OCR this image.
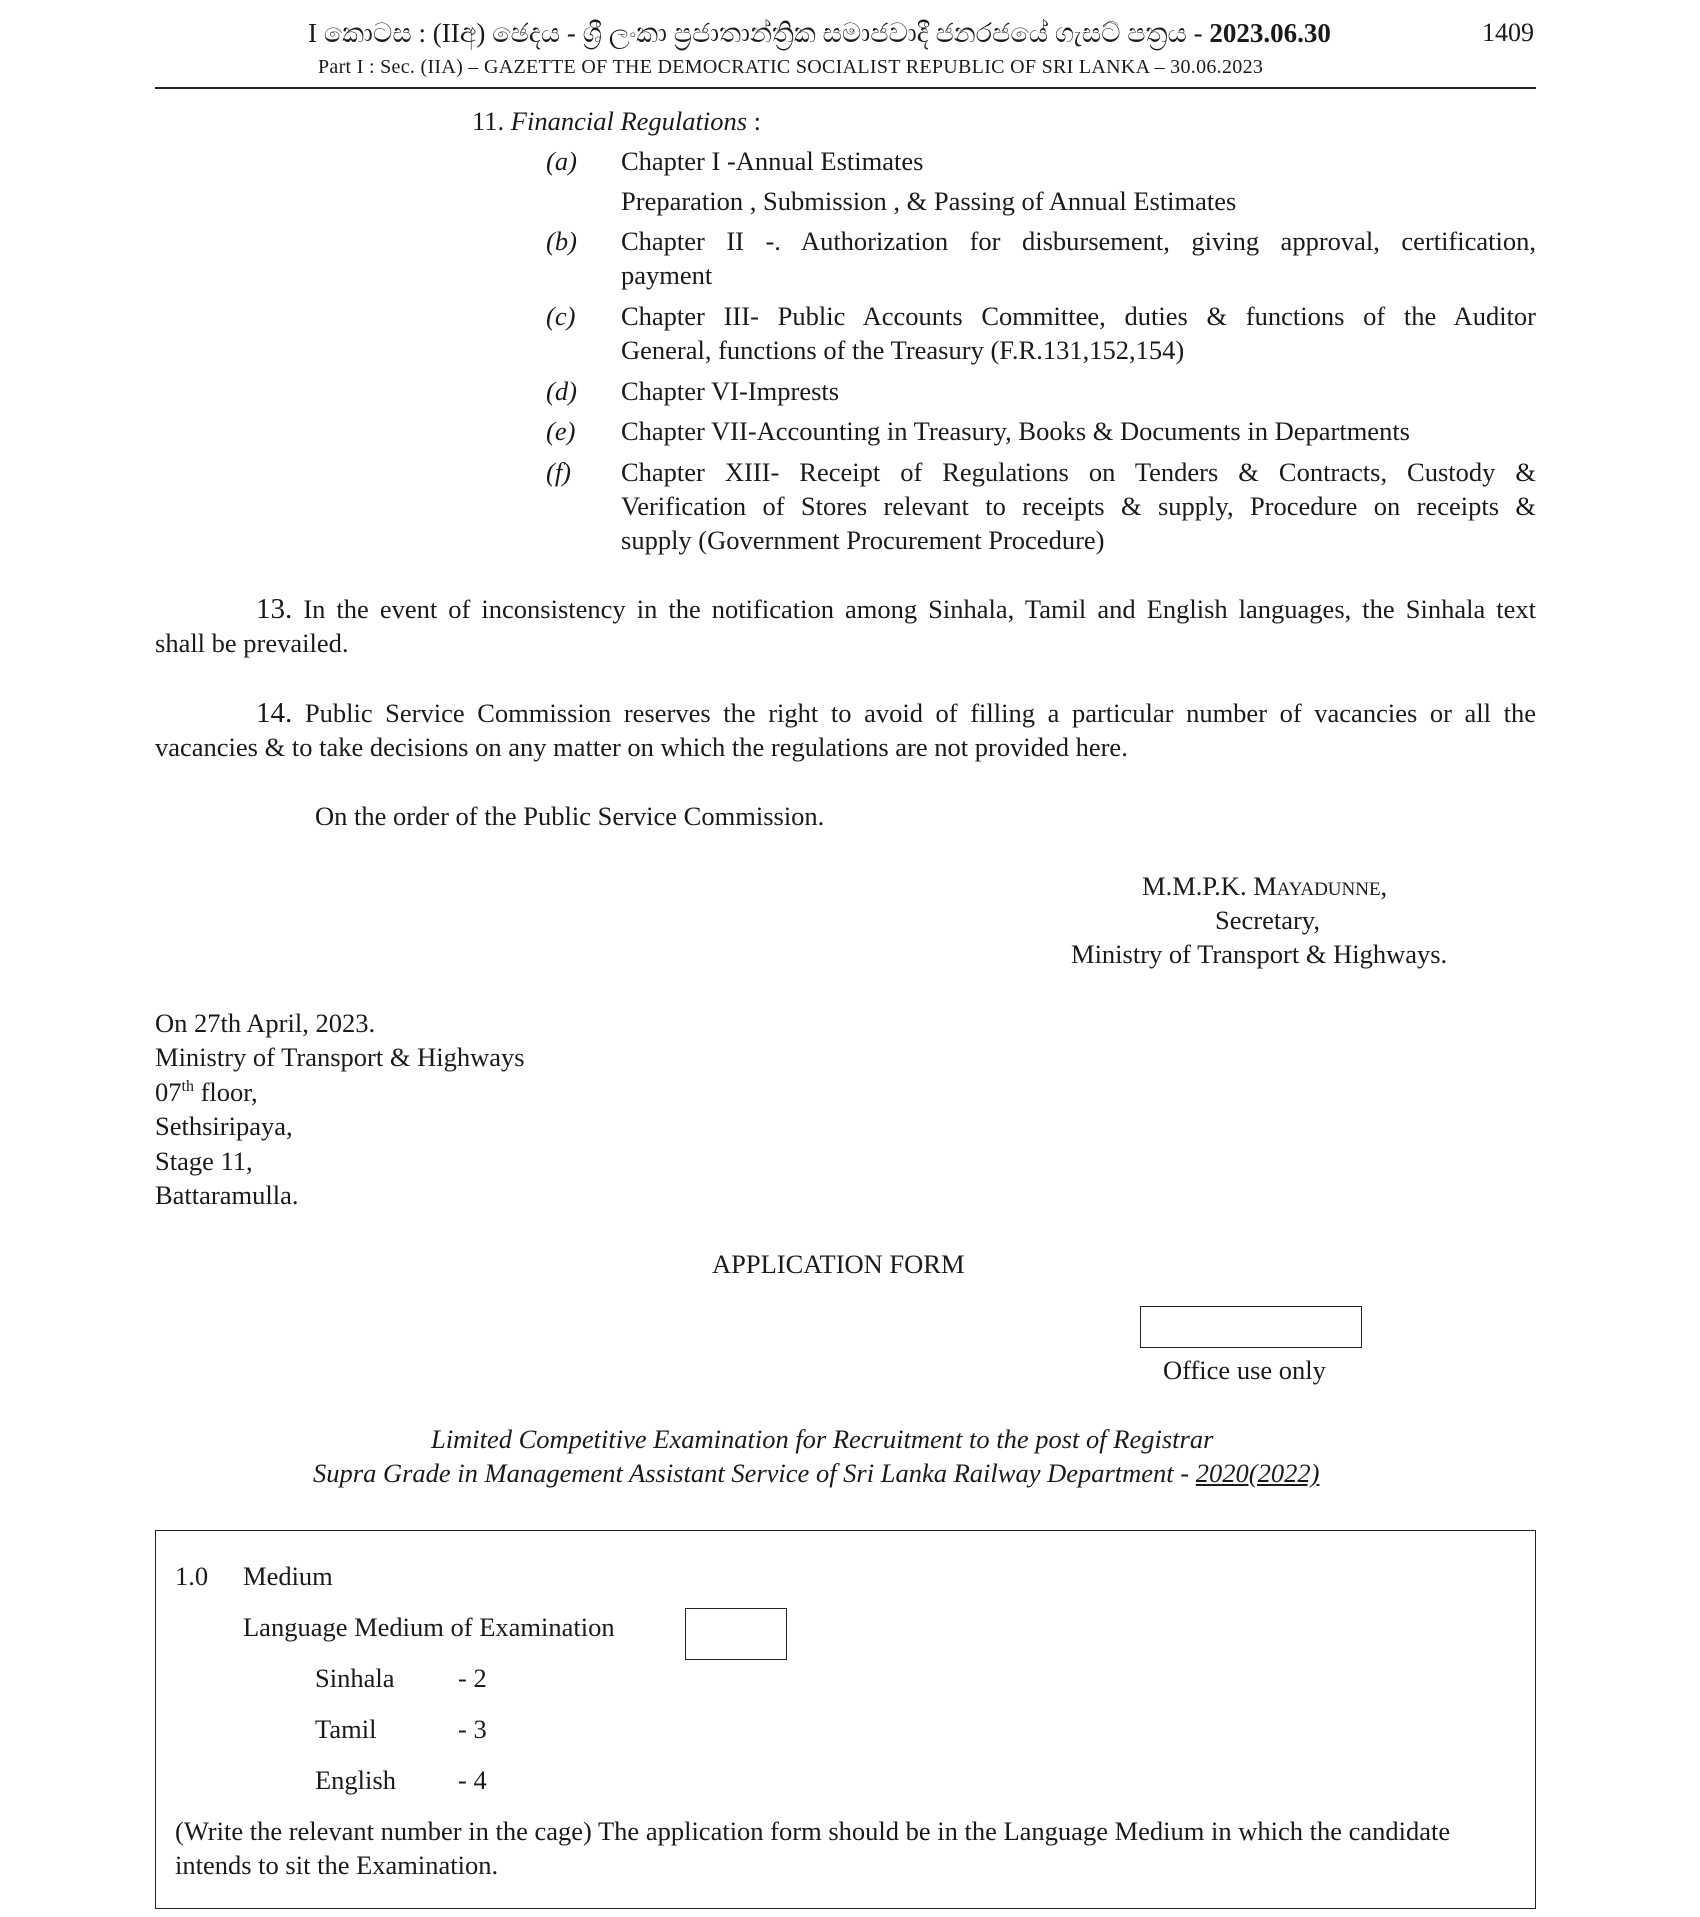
I කොටස : (IIඅ) ඡෙදය - ශ්‍රී ලංකා ප්‍රජාතාන්ත්‍රික සමාජවාදී ජනරජයේ ගැසට් පත්‍රය - 2023.06.30	1409
Part I : Sec. (IIA) – GAZETTE OF THE DEMOCRATIC SOCIALIST REPUBLIC OF SRI LANKA – 30.06.2023
11. Financial Regulations :
(a) Chapter I -Annual Estimates
Preparation , Submission , & Passing of Annual Estimates
(b) Chapter II -. Authorization for disbursement, giving approval, certification,
payment
(c) Chapter III- Public Accounts Committee, duties & functions of the Auditor
General, functions of the Treasury (F.R.131,152,154)
(d) Chapter VI-Imprests
(e) Chapter VII-Accounting in Treasury, Books & Documents in Departments
(f) Chapter XIII- Receipt of Regulations on Tenders & Contracts, Custody &
Verification of Stores relevant to receipts & supply, Procedure on receipts &
supply (Government Procurement Procedure)
13. In the event of inconsistency in the notification among Sinhala, Tamil and English languages, the Sinhala text
shall be prevailed.
14. Public Service Commission reserves the right to avoid of filling a particular number of vacancies or all the
vacancies & to take decisions on any matter on which the regulations are not provided here.
On the order of the Public Service Commission.
M.M.P.K. Mayadunne,
Secretary,
Ministry of Transport & Highways.
On 27th April, 2023.
Ministry of Transport & Highways
07th floor,
Sethsiripaya,
Stage 11,
Battaramulla.
APPLICATION FORM
Office use only
Limited Competitive Examination for Recruitment to the post of Registrar
Supra Grade in Management Assistant Service of Sri Lanka Railway Department - 2020(2022)
1.0 Medium
Language Medium of Examination
Sinhala - 2
Tamil	- 3
English - 4
(Write the relevant number in the cage) The application form should be in the Language Medium in which the candidate
intends to sit the Examination.
